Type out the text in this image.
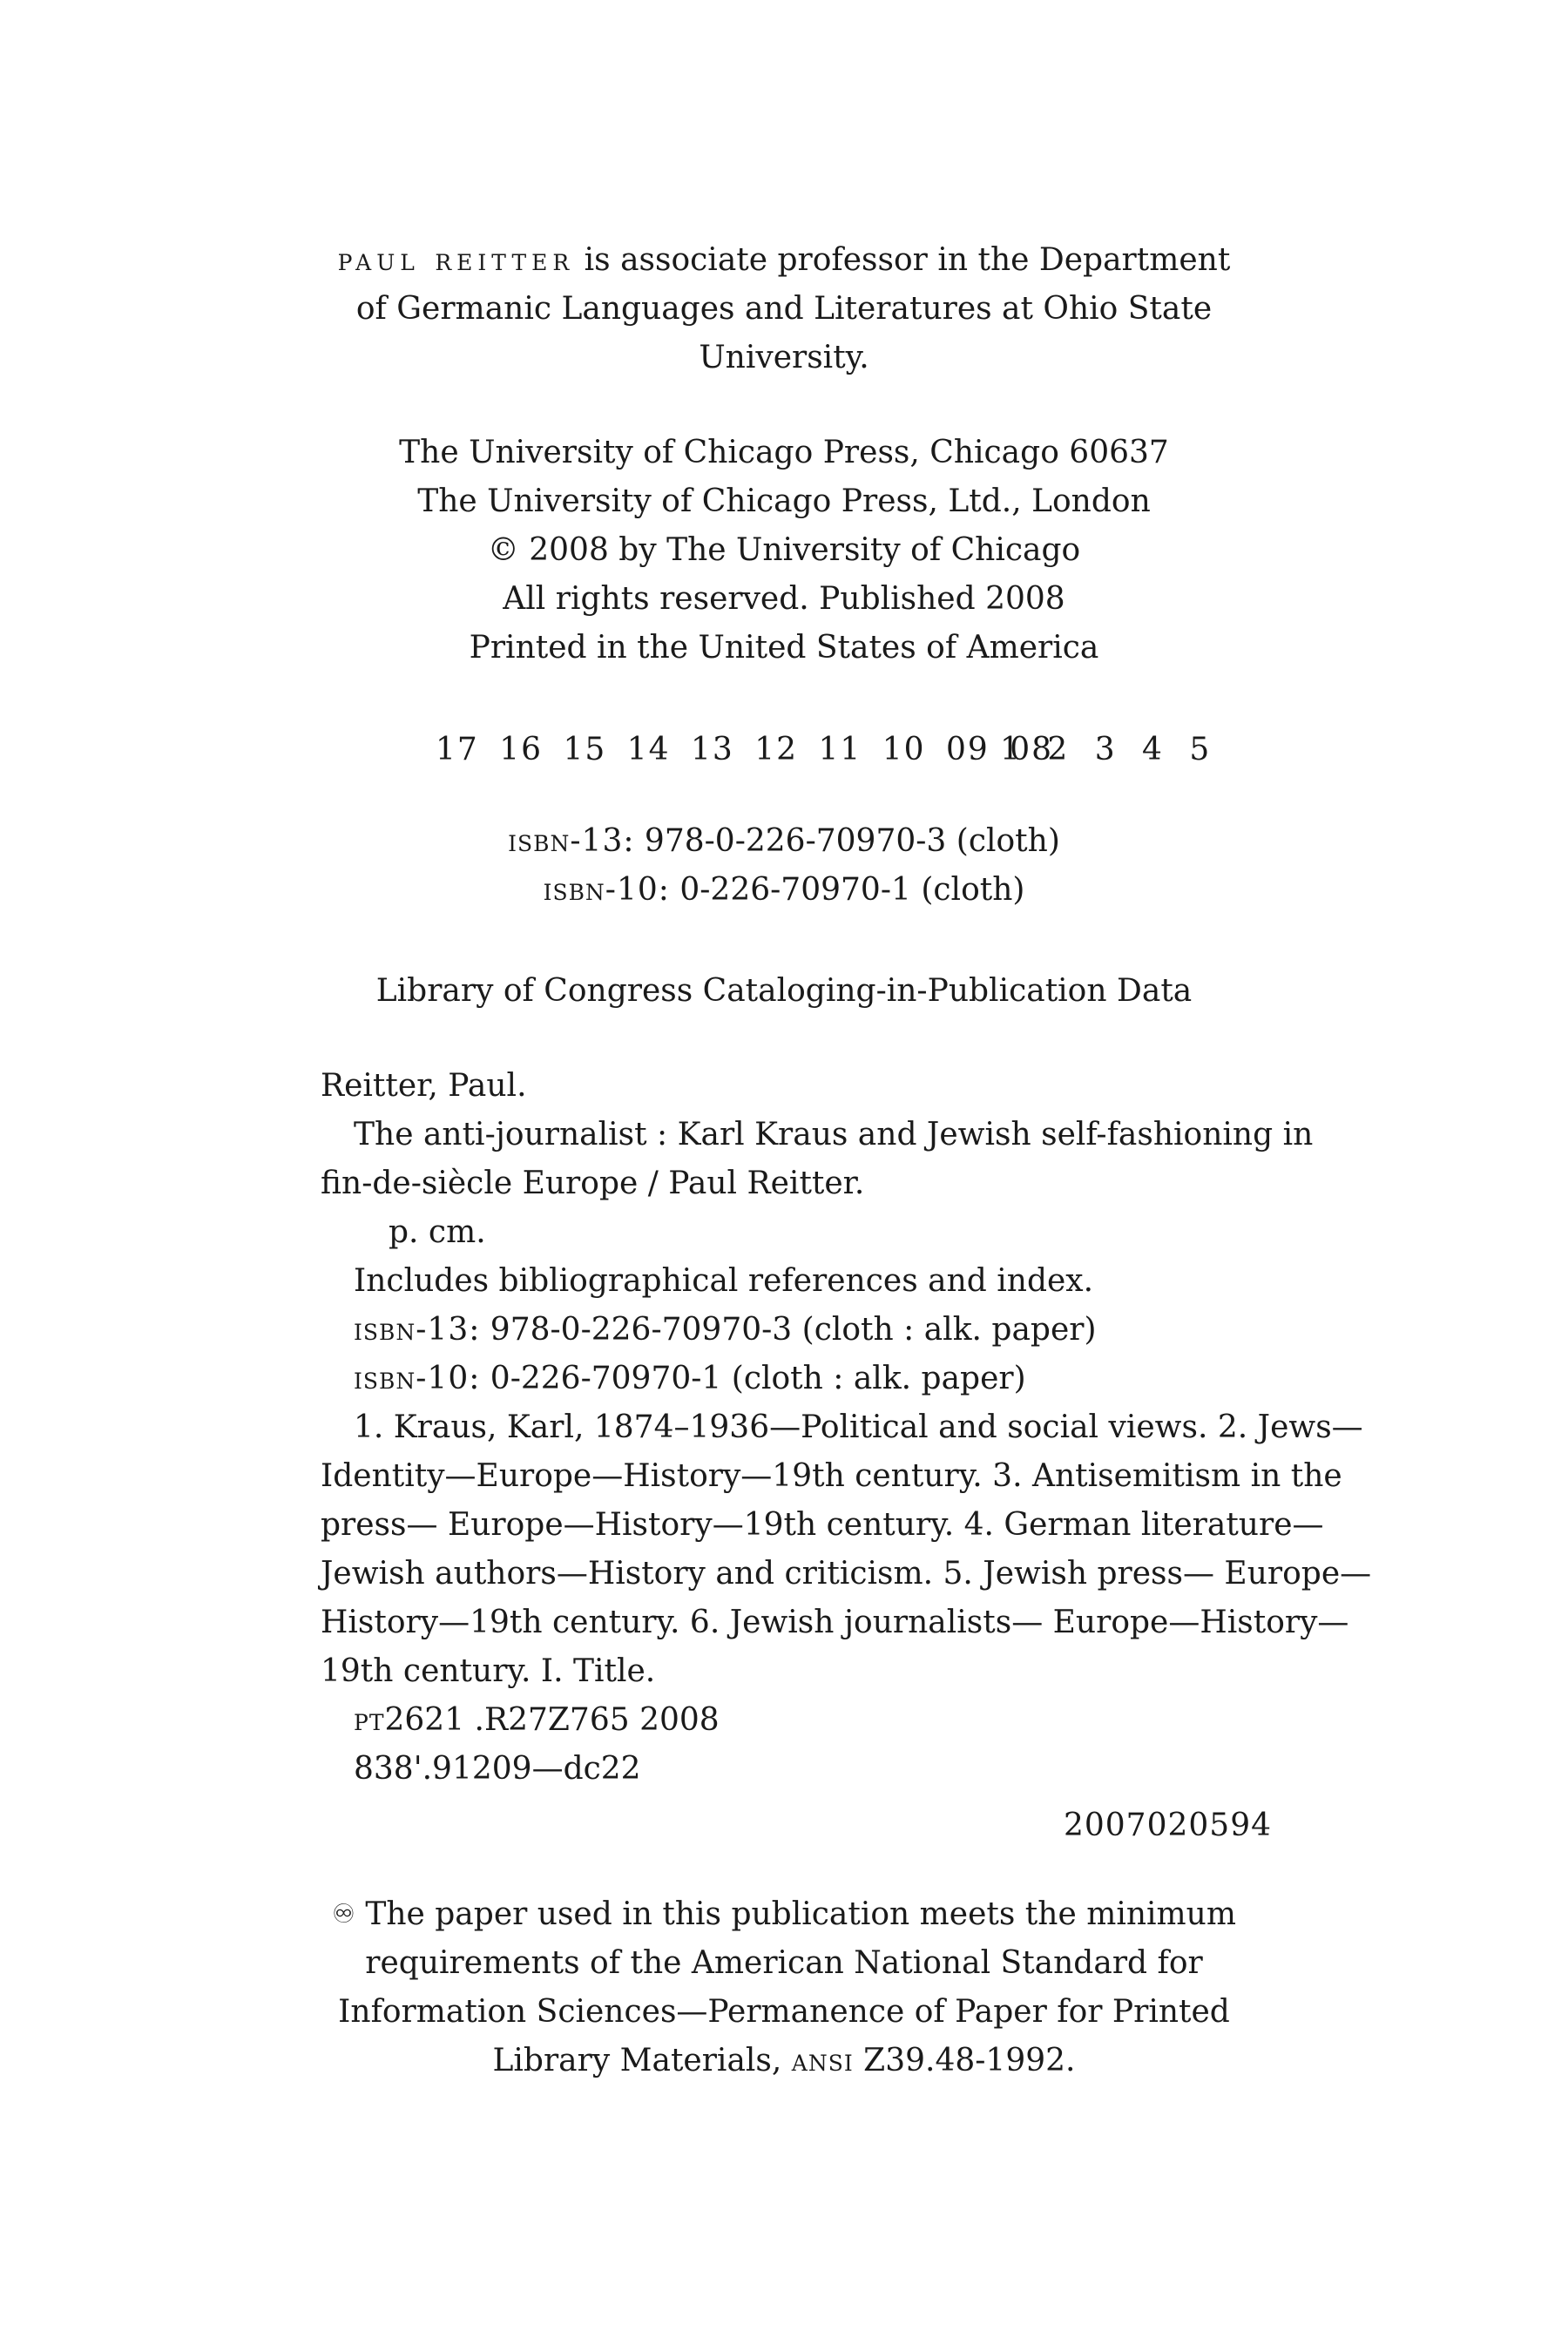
paul reitter is associate professor in the Department
of Germanic Languages and Literatures at Ohio State
University.
The University of Chicago Press, Chicago 60637
The University of Chicago Press, Ltd., London
© 2008 by The University of Chicago
All rights reserved. Published 2008
Printed in the United States of America
17 16 15 14 13 12 11 10 09 08
1 2 3 4 5
isbn-13: 978-0-226-70970-3 (cloth)
isbn-10: 0-226-70970-1 (cloth)
Library of Congress Cataloging-in-Publication Data
Reitter, Paul.
The anti-journalist : Karl Kraus and Jewish self-fashioning in
fin-de-siècle Europe / Paul Reitter.
p. cm.
Includes bibliographical references and index.
isbn-13: 978-0-226-70970-3 (cloth : alk. paper)
isbn-10: 0-226-70970-1 (cloth : alk. paper)
1. Kraus, Karl, 1874–1936—Political and social views. 2. Jews—
Identity—Europe—History—19th century. 3. Antisemitism in the
press— Europe—History—19th century. 4. German literature—
Jewish authors—History and criticism. 5. Jewish press— Europe—
History—19th century. 6. Jewish journalists— Europe—History—
19th century. I. Title.
pt2621 .R27Z765 2008
838'.91209—dc22
2007020594
♾ The paper used in this publication meets the minimum
requirements of the American National Standard for
Information Sciences—Permanence of Paper for Printed
Library Materials, ansi Z39.48-1992.
